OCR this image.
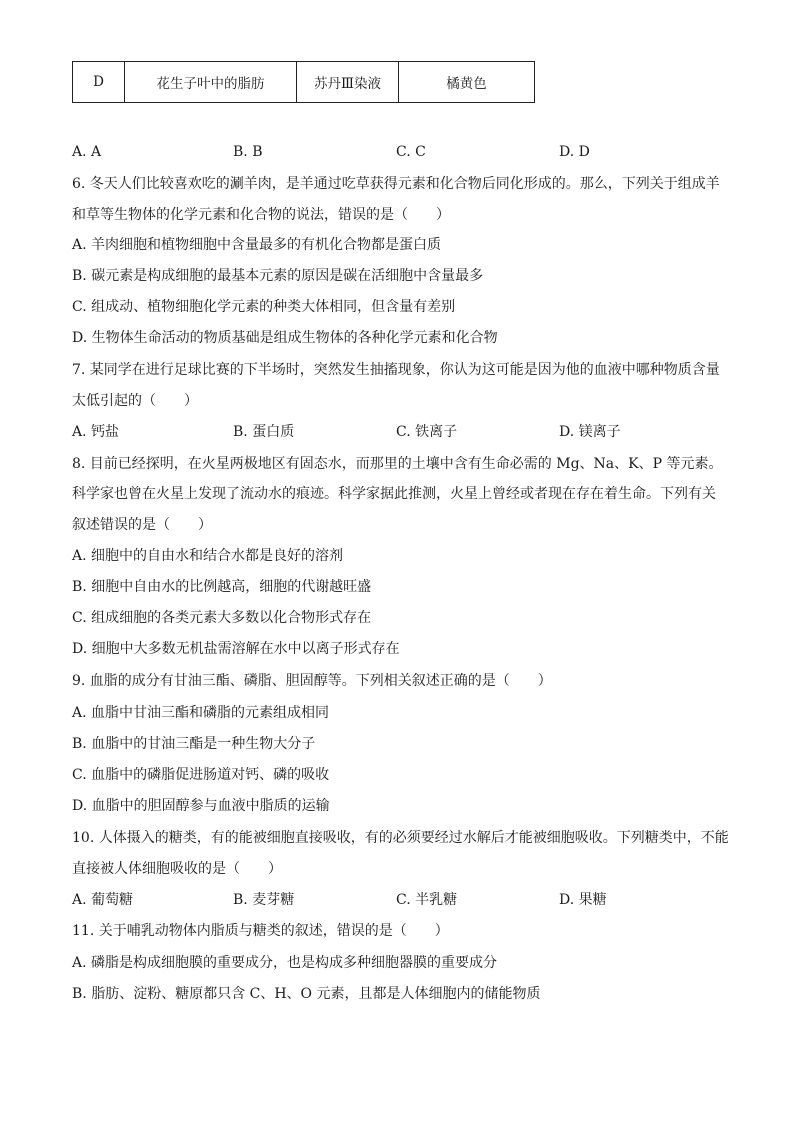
D	花生子叶中的脂肪	苏丹Ⅲ染液	橘黄色
A. A	B. B	C. C	D. D
6. 冬天人们比较喜欢吃的涮羊肉，是羊通过吃草获得元素和化合物后同化形成的。那么，下列关于组成羊
和草等生物体的化学元素和化合物的说法，错误的是（　　）
A. 羊肉细胞和植物细胞中含量最多的有机化合物都是蛋白质
B. 碳元素是构成细胞的最基本元素的原因是碳在活细胞中含量最多
C. 组成动、植物细胞化学元素的种类大体相同，但含量有差别
D. 生物体生命活动的物质基础是组成生物体的各种化学元素和化合物
7. 某同学在进行足球比赛的下半场时，突然发生抽搐现象，你认为这可能是因为他的血液中哪种物质含量
太低引起的（　　）
A. 钙盐	B. 蛋白质	C. 铁离子	D. 镁离子
8. 目前已经探明，在火星两极地区有固态水，而那里的土壤中含有生命必需的 Mg、Na、K、P 等元素。
科学家也曾在火星上发现了流动水的痕迹。科学家据此推测，火星上曾经或者现在存在着生命。下列有关
叙述错误的是（　　）
A. 细胞中的自由水和结合水都是良好的溶剂
B. 细胞中自由水的比例越高，细胞的代谢越旺盛
C. 组成细胞的各类元素大多数以化合物形式存在
D. 细胞中大多数无机盐需溶解在水中以离子形式存在
9. 血脂的成分有甘油三酯、磷脂、胆固醇等。下列相关叙述正确的是（　　）
A. 血脂中甘油三酯和磷脂的元素组成相同
B. 血脂中的甘油三酯是一种生物大分子
C. 血脂中的磷脂促进肠道对钙、磷的吸收
D. 血脂中的胆固醇参与血液中脂质的运输
10. 人体摄入的糖类，有的能被细胞直接吸收，有的必须要经过水解后才能被细胞吸收。下列糖类中，不能
直接被人体细胞吸收的是（　　）
A. 葡萄糖	B. 麦芽糖	C. 半乳糖	D. 果糖
11. 关于哺乳动物体内脂质与糖类的叙述，错误的是（　　）
A. 磷脂是构成细胞膜的重要成分，也是构成多种细胞器膜的重要成分
B. 脂肪、淀粉、糖原都只含 C、H、O 元素，且都是人体细胞内的储能物质
